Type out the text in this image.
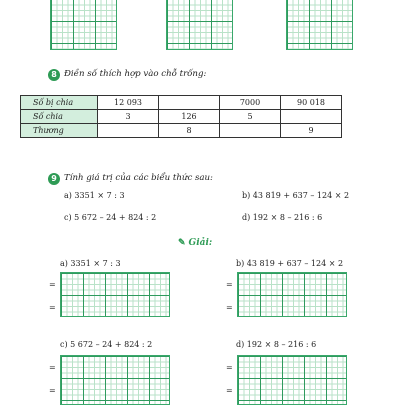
8 Điền số thích hợp vào chỗ trống:
Số bị chia	12 093		7000	90 018
Số chia	3	126	5	
Thương		8		9
9 Tính giá trị của các biểu thức sau:
a) 3351 × 7 : 3	b) 43 819 + 637 – 124 × 2
c) 5 672 – 24 + 824 : 2	d) 192 × 8 – 216 : 6
✎ Giải:
a) 3351 × 7 : 3
=
=
b) 43 819 + 637 – 124 × 2
=
=
c) 5 672 – 24 + 824 : 2
=
=
d) 192 × 8 – 216 : 6
=
=
